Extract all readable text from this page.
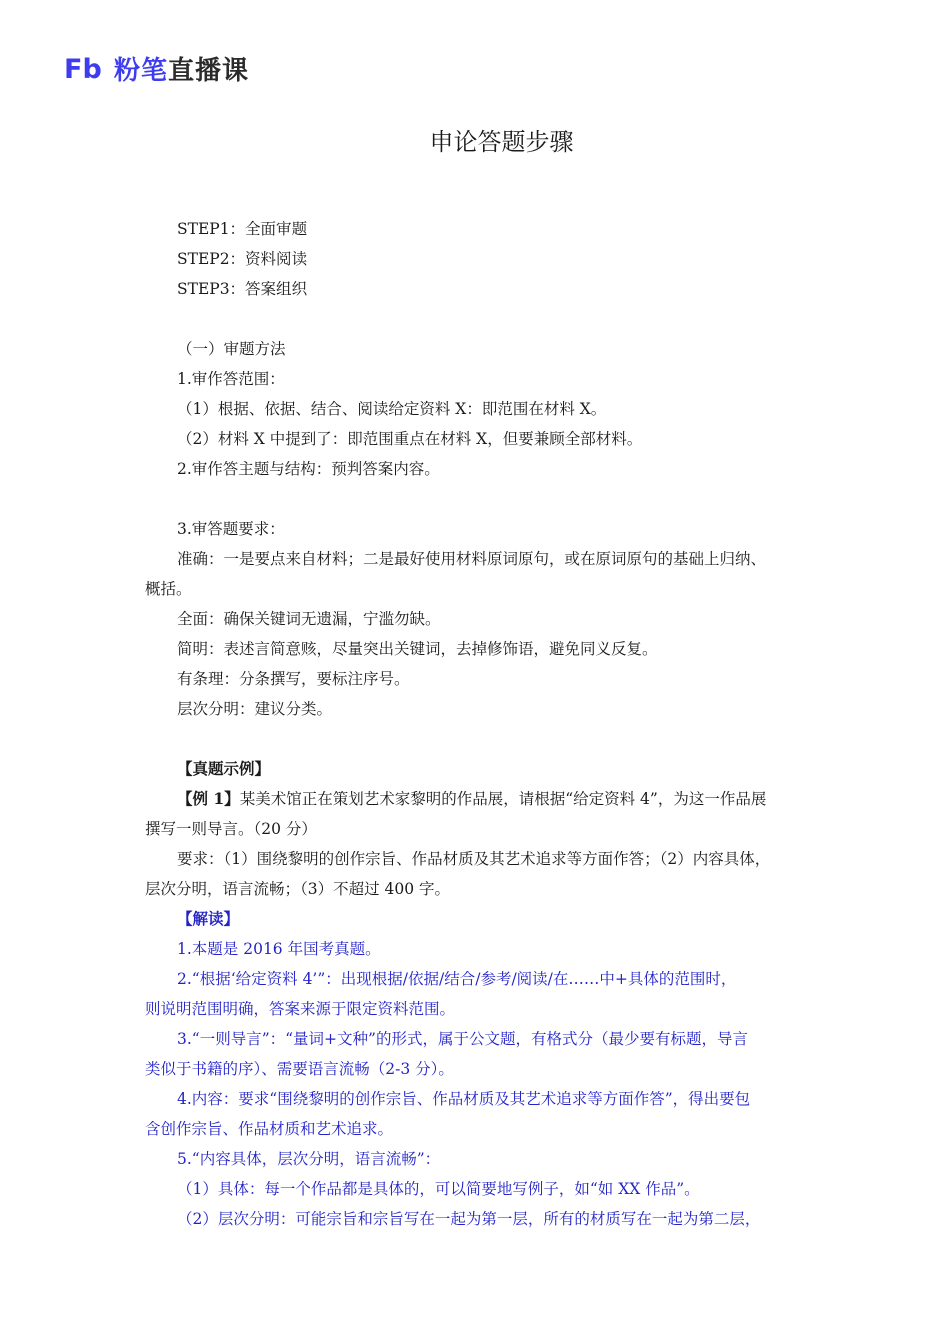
Fb 粉笔直播课
申论答题步骤
STEP1：全面审题
STEP2：资料阅读
STEP3：答案组织
（一）审题方法
1.审作答范围：
（1）根据、依据、结合、阅读给定资料 X：即范围在材料 X。
（2）材料 X 中提到了：即范围重点在材料 X，但要兼顾全部材料。
2.审作答主题与结构：预判答案内容。
3.审答题要求：
准确：一是要点来自材料；二是最好使用材料原词原句，或在原词原句的基础上归纳、
概括。
全面：确保关键词无遗漏，宁滥勿缺。
简明：表述言简意赅，尽量突出关键词，去掉修饰语，避免同义反复。
有条理：分条撰写，要标注序号。
层次分明：建议分类。
【真题示例】
【例 1】某美术馆正在策划艺术家黎明的作品展，请根据“给定资料 4”，为这一作品展
撰写一则导言。（20 分）
要求：（1）围绕黎明的创作宗旨、作品材质及其艺术追求等方面作答；（2）内容具体，
层次分明，语言流畅；（3）不超过 400 字。
【解读】
1.本题是 2016 年国考真题。
2.“根据‘给定资料 4’”：出现根据/依据/结合/参考/阅读/在……中+具体的范围时，
则说明范围明确，答案来源于限定资料范围。
3.“一则导言”：“量词+文种”的形式，属于公文题，有格式分（最少要有标题，导言
类似于书籍的序）、需要语言流畅（2-3 分）。
4.内容：要求“围绕黎明的创作宗旨、作品材质及其艺术追求等方面作答”，得出要包
含创作宗旨、作品材质和艺术追求。
5.“内容具体，层次分明，语言流畅”：
（1）具体：每一个作品都是具体的，可以简要地写例子，如“如 XX 作品”。
（2）层次分明：可能宗旨和宗旨写在一起为第一层，所有的材质写在一起为第二层，
